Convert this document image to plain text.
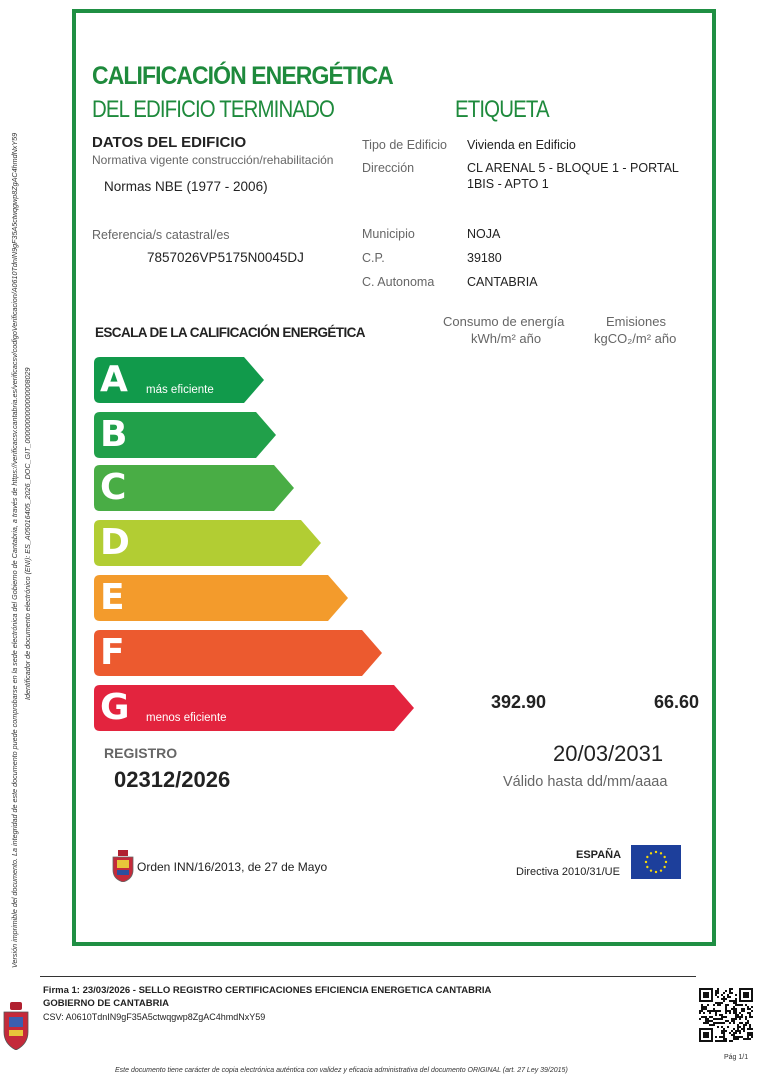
Versión imprimible del documento. La integridad de este documento puede comprobarse en la sede electrónica del Gobierno de Cantabria, a través de https://verificacsv.cantabria.es/verificacsv/codigoVerificacion/A0610TdnIN9gF35A5ctwqgwp8ZgAC4hmdNxY59 Identificador de documento electrónico (ENI): ES_A05016405_2026_DOC_GIT_0000000000000008029
CALIFICACIÓN ENERGÉTICA
DEL EDIFICIO TERMINADO	ETIQUETA
DATOS DEL EDIFICIO
Normativa vigente construcción/rehabilitación
Normas NBE (1977 - 2006)
Referencia/s catastral/es
7857026VP5175N0045DJ
Tipo de Edificio Vivienda en Edificio
Dirección	CL ARENAL 5 - BLOQUE 1 - PORTAL
1BIS - APTO 1
Municipio	NOJA
C.P.	39180
C. Autonoma	CANTABRIA
ESCALA DE LA CALIFICACIÓN ENERGÉTICA
Consumo de energía
kWh/m² año
Emisiones
kgCO₂/m² año
A más eficiente
B
C
D
E
F
G menos eficiente
392.90	66.60
REGISTRO
02312/2026
20/03/2031
Válido hasta dd/mm/aaaa
Orden INN/16/2013, de 27 de Mayo
ESPAÑA
Directiva 2010/31/UE
Firma 1: 23/03/2026 - SELLO REGISTRO CERTIFICACIONES EFICIENCIA ENERGETICA CANTABRIA
GOBIERNO DE CANTABRIA
CSV: A0610TdnIN9gF35A5ctwqgwp8ZgAC4hmdNxY59
Pág 1/1
Este documento tiene carácter de copia electrónica auténtica con validez y eficacia administrativa del documento ORIGINAL (art. 27 Ley 39/2015)
